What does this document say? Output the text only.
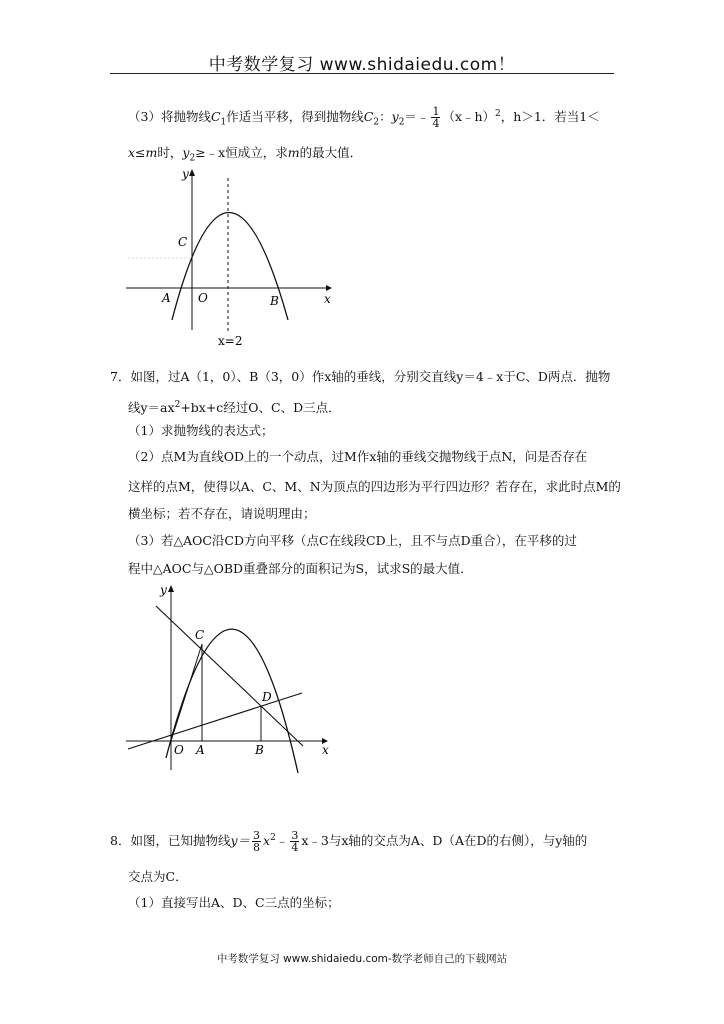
中考数学复习 www.shidaiedu.com！
（3）将抛物线$C_1$作适当平移，得到抛物线$C_2$：$y_2=﹣ \frac{1}{4}$ （x﹣h）$^2$，h＞1．若当1＜
x≤m时，$y_2\ge﹣x$恒成立，求m的最大值．
y
x
C
A O	B
x=2
7．如图，过A（1，0）、B（3，0）作x轴的垂线，分别交直线y＝4﹣x于C、D两点．抛物
线$y=ax^2+bx+c$经过O、C、D三点．
（1）求抛物线的表达式；
（2）点M为直线OD上的一个动点，过M作x轴的垂线交抛物线于点N，问是否存在
这样的点M，使得以A、C、M、N为顶点的四边形为平行四边形？若存在，求此时点M的
横坐标；若不存在，请说明理由；
（3）若△AOC沿CD方向平移（点C在线段CD上，且不与点D重合），在平移的过
程中△AOC与△OBD重叠部分的面积记为S，试求S的最大值．
y
x
C
D
O A	B
8．如图，已知抛物线$y= \frac{3}{8}$ $x^2﹣ \frac{3}{4}$ x﹣3与x轴的交点为A、D（A在D的右侧），与y轴的
交点为C．
（1）直接写出A、D、C三点的坐标；
中考数学复习 www.shidaiedu.com-数学老师自己的下载网站
